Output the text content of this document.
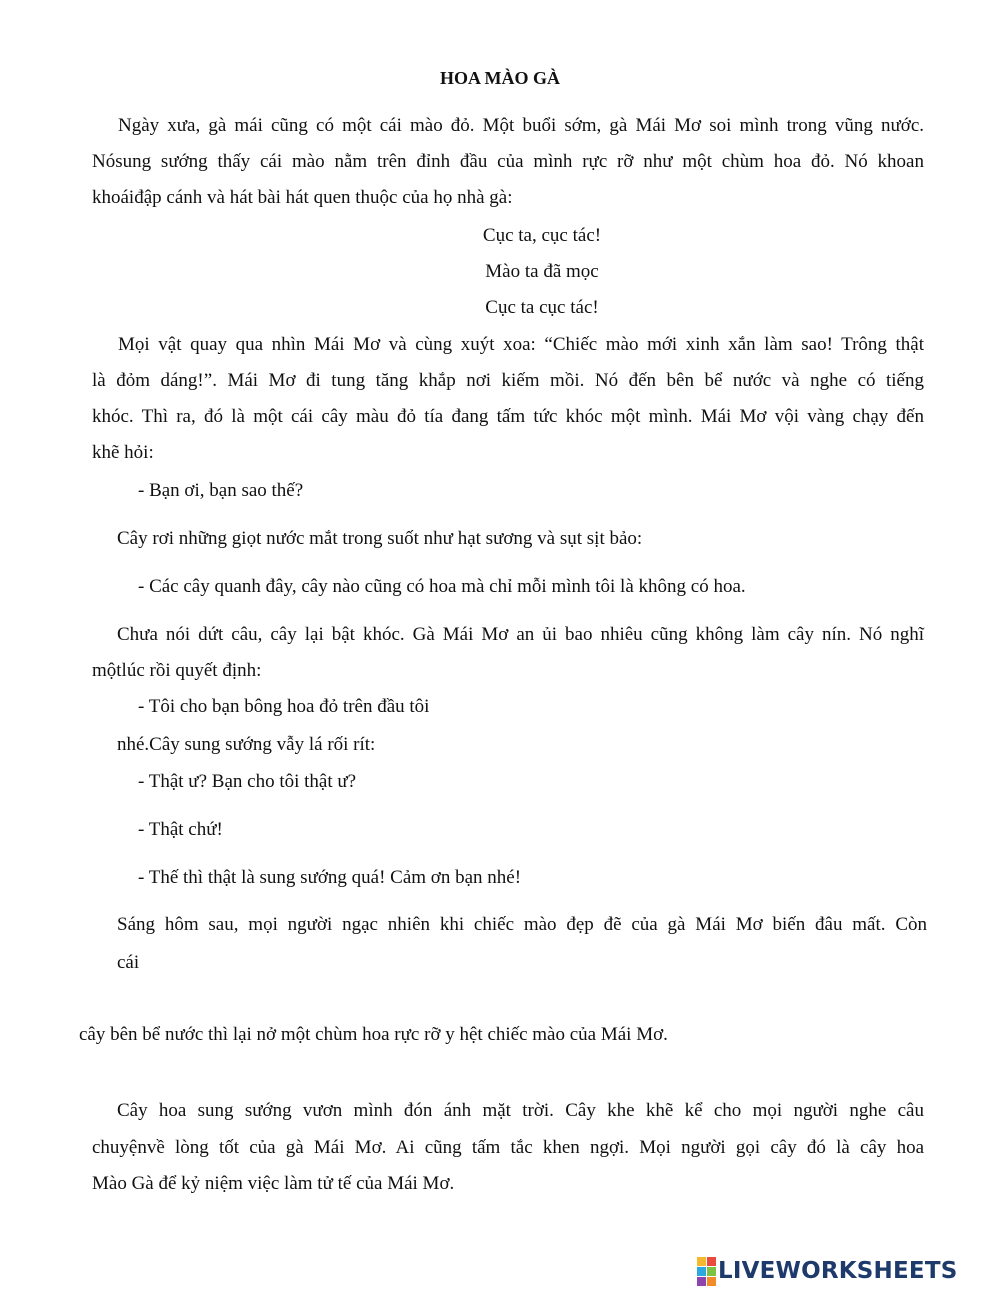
HOA MÀO GÀ
Ngày xưa, gà mái cũng có một cái mào đỏ. Một buổi sớm, gà Mái Mơ soi mình trong vũng nước.
Nósung sướng thấy cái mào nằm trên đỉnh đầu của mình rực rỡ như một chùm hoa đỏ. Nó khoan
khoáiđập cánh và hát bài hát quen thuộc của họ nhà gà:
Cục ta, cục tác!
Mào ta đã mọc
Cục ta cục tác!
Mọi vật quay qua nhìn Mái Mơ và cùng xuýt xoa: “Chiếc mào mới xinh xắn làm sao! Trông thật
là đỏm dáng!”. Mái Mơ đi tung tăng khắp nơi kiếm mồi. Nó đến bên bể nước và nghe có tiếng
khóc. Thì ra, đó là một cái cây màu đỏ tía đang tấm tức khóc một mình. Mái Mơ vội vàng chạy đến
khẽ hỏi:
- Bạn ơi, bạn sao thế?
Cây rơi những giọt nước mắt trong suốt như hạt sương và sụt sịt bảo:
- Các cây quanh đây, cây nào cũng có hoa mà chỉ mỗi mình tôi là không có hoa.
Chưa nói dứt câu, cây lại bật khóc. Gà Mái Mơ an ủi bao nhiêu cũng không làm cây nín. Nó nghĩ
mộtlúc rồi quyết định:
- Tôi cho bạn bông hoa đỏ trên đầu tôi
nhé.Cây sung sướng vẫy lá rối rít:
- Thật ư? Bạn cho tôi thật ư?
- Thật chứ!
- Thế thì thật là sung sướng quá! Cảm ơn bạn nhé!
Sáng hôm sau, mọi người ngạc nhiên khi chiếc mào đẹp đẽ của gà Mái Mơ biến đâu mất. Còn
cái
cây bên bể nước thì lại nở một chùm hoa rực rỡ y hệt chiếc mào của Mái Mơ.
Cây hoa sung sướng vươn mình đón ánh mặt trời. Cây khe khẽ kể cho mọi người nghe câu
chuyệnvề lòng tốt của gà Mái Mơ. Ai cũng tấm tắc khen ngợi. Mọi người gọi cây đó là cây hoa
Mào Gà để kỷ niệm việc làm tử tế của Mái Mơ.
LIVEWORKSHEETS
